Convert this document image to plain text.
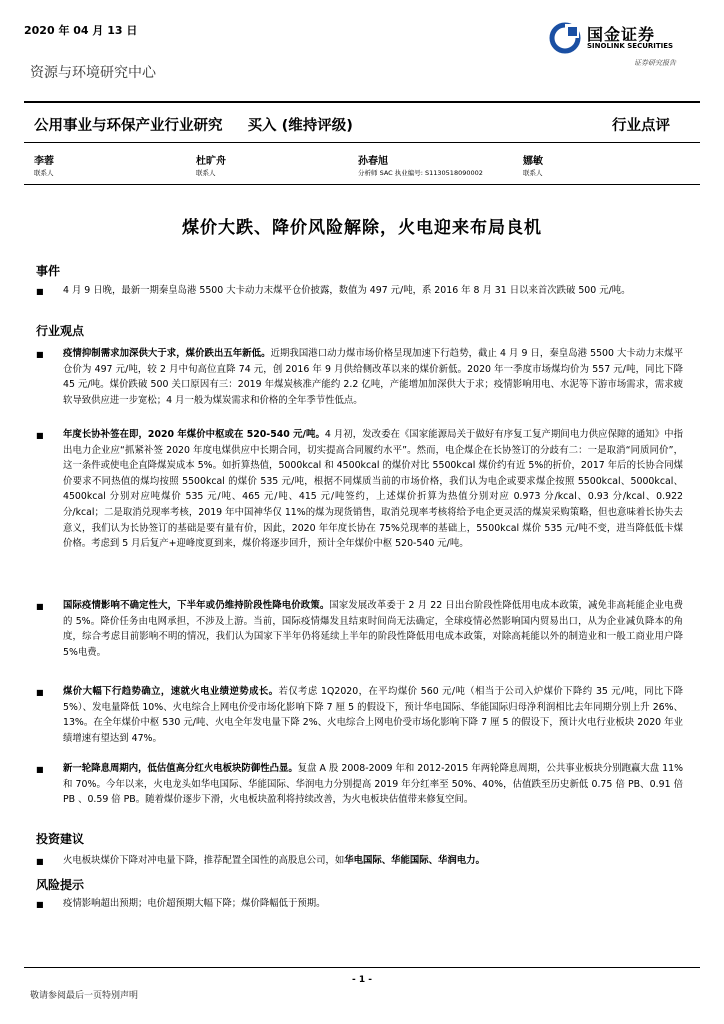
2020 年 04 月 13 日	国金证券
SINOLINK SECURITIES
证券研究报告
资源与环境研究中心
公用事业与环保产业行业研究 买入 (维持评级)	行业点评
李蓉
联系人
杜旷舟
联系人
孙春旭
分析师 SAC 执业编号: S1130518090002
娜敏
联系人
煤价大跌、降价风险解除，火电迎来布局良机
事件
■ 4 月 9 日晚，最新一期秦皇岛港 5500 大卡动力末煤平仓价披露，数值为 497 元/吨，系 2016 年 8 月 31 日以来首次跌破 500 元/吨。
行业观点
■ 疫情抑制需求加深供大于求，煤价跌出五年新低。近期我国港口动力煤市场价格呈现加速下行趋势，截止 4 月 9 日，秦皇岛港 5500 大卡动力末煤平仓价为 497 元/吨，较 2 月中旬高位直降 74 元，创 2016 年 9 月供给侧改革以来的煤价新低。2020 年一季度市场煤均价为 557 元/吨，同比下降 45 元/吨。煤价跌破 500 关口原因有三：2019 年煤炭核准产能约 2.2 亿吨，产能增加加深供大于求；疫情影响用电、水泥等下游市场需求，需求疲软导致供应进一步宽松；4 月一般为煤炭需求和价格的全年季节性低点。
■ 年度长协补签在即，2020 年煤价中枢或在 520-540 元/吨。4 月初，发改委在《国家能源局关于做好有序复工复产期间电力供应保障的通知》中指出电力企业应“抓紧补签 2020 年度电煤供应中长期合同，切实提高合同履约水平”。然而，电企煤企在长协签订的分歧有二：一是取消“同质同价”，这一条件或使电企直降煤炭成本 5%。如折算热值，5000kcal 和 4500kcal 的煤价对比 5500kcal 煤价约有近 5%的折价，2017 年后的长协合同煤价要求不同热值的煤均按照 5500kcal 的煤价 535 元/吨，根据不同煤质当前的市场价格，我们认为电企或要求煤企按照 5500kcal、5000kcal、4500kcal 分别对应吨煤价 535 元/吨、465 元/吨、415 元/吨签约，上述煤价折算为热值分别对应 0.973 分/kcal、0.93 分/kcal、0.922 分/kcal；二是取消兑现率考核，2019 年中国神华仅 11%的煤为现货销售，取消兑现率考核将给予电企更灵活的煤炭采购策略，但也意味着长协失去意义，我们认为长协签订的基础是要有量有价，因此，2020 年年度长协在 75%兑现率的基础上，5500kcal 煤价 535 元/吨不变，进当降低低卡煤价格。考虑到 5 月后复产+迎峰度夏到来，煤价将逐步回升，预计全年煤价中枢 520-540 元/吨。
■ 国际疫情影响不确定性大，下半年或仍维持阶段性降电价政策。国家发展改革委于 2 月 22 日出台阶段性降低用电成本政策，减免非高耗能企业电费的 5%。降价任务由电网承担，不涉及上游。当前，国际疫情爆发且结束时间尚无法确定，全球疫情必然影响国内贸易出口，从为企业减负降本的角度，综合考虑目前影响不明的情况，我们认为国家下半年仍将延续上半年的阶段性降低用电成本政策，对除高耗能以外的制造业和一般工商业用户降 5%电费。
■ 煤价大幅下行趋势确立，速就火电业绩逆势成长。若仅考虑 1Q2020，在平均煤价 560 元/吨（相当于公司入炉煤价下降约 35 元/吨，同比下降 5%）、发电量降低 10%、火电综合上网电价受市场化影响下降 7 厘 5 的假设下，预计华电国际、华能国际归母净利润相比去年同期分别上升 26%、13%。在全年煤价中枢 530 元/吨、火电全年发电量下降 2%、火电综合上网电价受市场化影响下降 7 厘 5 的假设下，预计火电行业板块 2020 年业绩增速有望达到 47%。
■ 新一轮降息周期内，低估值高分红火电板块防御性凸显。复盘 A 股 2008-2009 年和 2012-2015 年两轮降息周期，公共事业板块分别跑赢大盘 11%和 70%。今年以来，火电龙头如华电国际、华能国际、华润电力分别提高 2019 年分红率至 50%、40%，估值跌至历史新低 0.75 倍 PB、0.91 倍 PB 、0.59 倍 PB。随着煤价逐步下滑，火电板块盈利将持续改善，为火电板块估值带来修复空间。
投资建议
■ 火电板块煤价下降对冲电量下降，推荐配置全国性的高股息公司，如华电国际、华能国际、华润电力。
风险提示
■ 疫情影响超出预期；电价超预期大幅下降；煤价降幅低于预期。
- 1 -
敬请参阅最后一页特别声明
